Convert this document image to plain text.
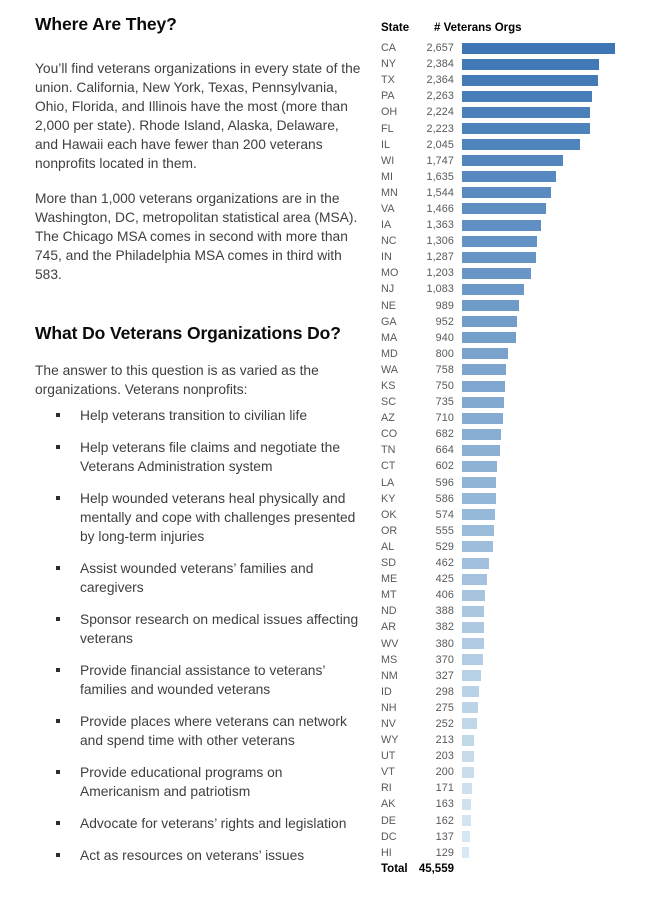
Where Are They?

You’ll find veterans organizations in every state of the union. California, New York, Texas, Pennsylvania, Ohio, Florida, and Illinois have the most (more than 2,000 per state). Rhode Island, Alaska, Delaware, and Hawaii each have fewer than 200 veterans nonprofits located in them.

More than 1,000 veterans organizations are in the Washington, DC, metropolitan statistical area (MSA). The Chicago MSA comes in second with more than 745, and the Philadelphia MSA comes in third with 583.

What Do Veterans Organizations Do?

The answer to this question is as varied as the organizations. Veterans nonprofits:

Help veterans transition to civilian life
Help veterans file claims and negotiate the Veterans Administration system
Help wounded veterans heal physically and mentally and cope with challenges presented by long-term injuries
Assist wounded veterans’ families and caregivers
Sponsor research on medical issues affecting veterans
Provide financial assistance to veterans’ families and wounded veterans
Provide places where veterans can network and spend time with other veterans
Provide educational programs on Americanism and patriotism
Advocate for veterans’ rights and legislation
Act as resources on veterans’ issues
State	# Veterans Orgs
CA	2,657
NY	2,384
TX	2,364
PA	2,263
OH	2,224
FL	2,223
IL	2,045
WI	1,747
MI	1,635
MN	1,544
VA	1,466
IA	1,363
NC	1,306
IN	1,287
MO	1,203
NJ	1,083
NE	989
GA	952
MA	940
MD	800
WA	758
KS	750
SC	735
AZ	710
CO	682
TN	664
CT	602
LA	596
KY	586
OK	574
OR	555
AL	529
SD	462
ME	425
MT	406
ND	388
AR	382
WV	380
MS	370
NM	327
ID	298
NH	275
NV	252
WY	213
UT	203
VT	200
RI	171
AK	163
DE	162
DC	137
HI	129
Total 45,559
